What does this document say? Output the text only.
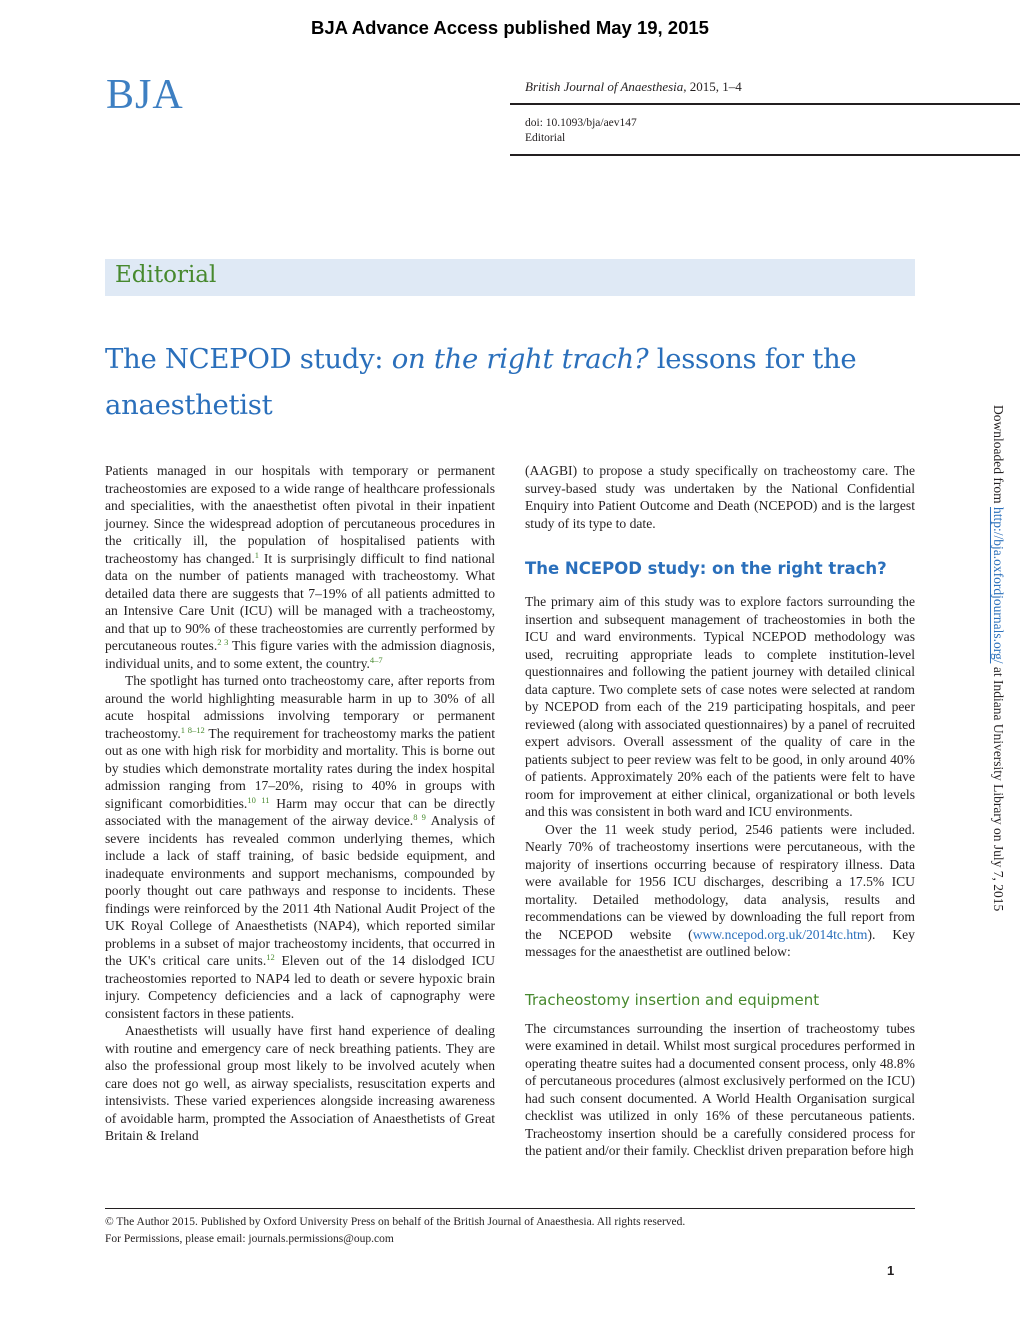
BJA Advance Access published May 19, 2015
BJA	British Journal of Anaesthesia, 2015, 1–4
doi: 10.1093/bja/aev147
Editorial
Editorial
The NCEPOD study: on the right trach? lessons for the anaesthetist

Patients managed in our hospitals with temporary or permanent tracheostomies are exposed to a wide range of healthcare professionals and specialities, with the anaesthetist often pivotal in their inpatient journey. Since the widespread adoption of percutaneous procedures in the critically ill, the population of hospitalised patients with tracheostomy has changed.$^1$ It is surprisingly difficult to find national data on the number of patients managed with tracheostomy. What detailed data there are suggests that 7–19% of all patients admitted to an Intensive Care Unit (ICU) will be managed with a tracheostomy, and that up to 90% of these tracheostomies are currently performed by percutaneous routes.$^{2 3}$ This figure varies with the admission diagnosis, individual units, and to some extent, the country.$^{4-7}$

The spotlight has turned onto tracheostomy care, after reports from around the world highlighting measurable harm in up to 30% of all acute hospital admissions involving temporary or permanent tracheostomy.$^{1 8-12}$ The requirement for tracheostomy marks the patient out as one with high risk for morbidity and mortality. This is borne out by studies which demonstrate mortality rates during the index hospital admission ranging from 17–20%, rising to 40% in groups with significant comorbidities.$^{10 11}$ Harm may occur that can be directly associated with the management of the airway device.$^{8 9}$ Analysis of severe incidents has revealed common underlying themes, which include a lack of staff training, of basic bedside equipment, and inadequate environments and support mechanisms, compounded by poorly thought out care pathways and response to incidents. These findings were reinforced by the 2011 4th National Audit Project of the UK Royal College of Anaesthetists (NAP4), which reported similar problems in a subset of major tracheostomy incidents, that occurred in the UK's critical care units.$^{12}$ Eleven out of the 14 dislodged ICU tracheostomies reported to NAP4 led to death or severe hypoxic brain injury. Competency deficiencies and a lack of capnography were consistent factors in these patients.

Anaesthetists will usually have first hand experience of dealing with routine and emergency care of neck breathing patients. They are also the professional group most likely to be involved acutely when care does not go well, as airway specialists, resuscitation experts and intensivists. These varied experiences alongside increasing awareness of avoidable harm, prompted the Association of Anaesthetists of Great Britain & Ireland

(AAGBI) to propose a study specifically on tracheostomy care. The survey-based study was undertaken by the National Confidential Enquiry into Patient Outcome and Death (NCEPOD) and is the largest study of its type to date.

The NCEPOD study: on the right trach?

The primary aim of this study was to explore factors surrounding the insertion and subsequent management of tracheostomies in both the ICU and ward environments. Typical NCEPOD methodology was used, recruiting appropriate leads to complete institution-level questionnaires and following the patient journey with detailed clinical data capture. Two complete sets of case notes were selected at random by NCEPOD from each of the 219 participating hospitals, and peer reviewed (along with associated questionnaires) by a panel of recruited expert advisors. Overall assessment of the quality of care in the patients subject to peer review was felt to be good, in only around 40% of patients. Approximately 20% each of the patients were felt to have room for improvement at either clinical, organizational or both levels and this was consistent in both ward and ICU environments.

Over the 11 week study period, 2546 patients were included. Nearly 70% of tracheostomy insertions were percutaneous, with the majority of insertions occurring because of respiratory illness. Data were available for 1956 ICU discharges, describing a 17.5% ICU mortality. Detailed methodology, data analysis, results and recommendations can be viewed by downloading the full report from the NCEPOD website (www.ncepod.org.uk/2014tc.htm). Key messages for the anaesthetist are outlined below:

Tracheostomy insertion and equipment

The circumstances surrounding the insertion of tracheostomy tubes were examined in detail. Whilst most surgical procedures performed in operating theatre suites had a documented consent process, only 48.8% of percutaneous procedures (almost exclusively performed on the ICU) had such consent documented. A World Health Organisation surgical checklist was utilized in only 16% of these percutaneous patients. Tracheostomy insertion should be a carefully considered process for the patient and/or their family. Checklist driven preparation before high

Downloaded from http://bja.oxfordjournals.org/ at Indiana University Library on July 7, 2015
© The Author 2015. Published by Oxford University Press on behalf of the British Journal of Anaesthesia. All rights reserved.
For Permissions, please email: journals.permissions@oup.com
1
